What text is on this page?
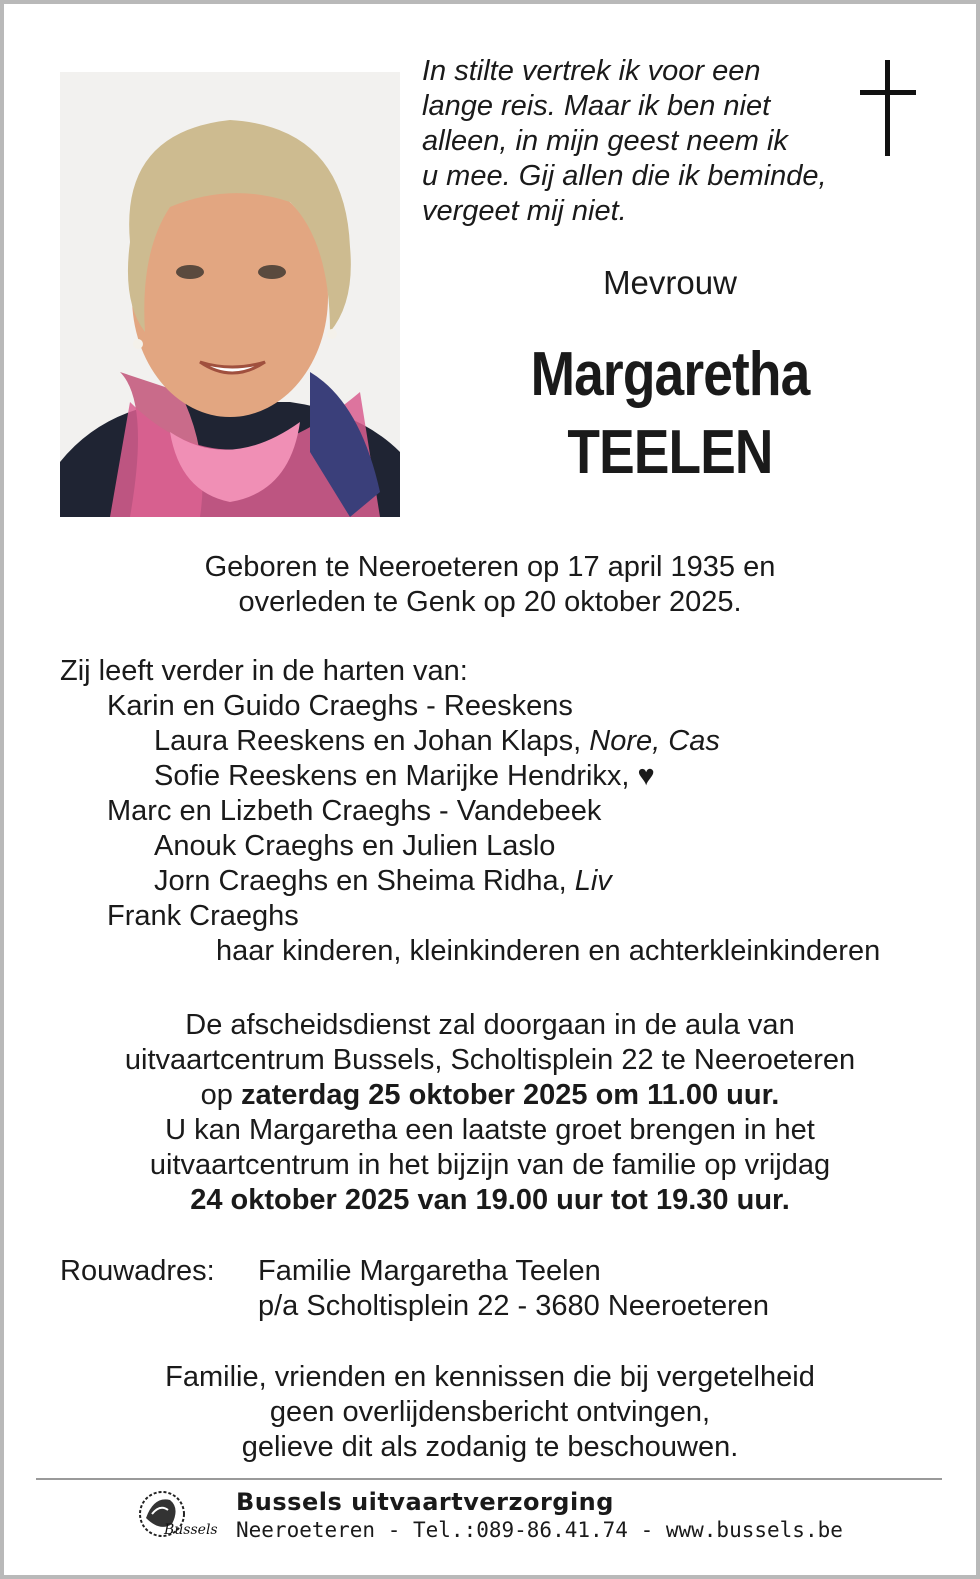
In stilte vertrek ik voor een
lange reis. Maar ik ben niet
alleen, in mijn geest neem ik
u mee. Gij allen die ik beminde,
vergeet mij niet.
Mevrouw
Margaretha
TEELEN
Geboren te Neeroeteren op 17 april 1935 en
overleden te Genk op 20 oktober 2025.
Zij leeft verder in de harten van:
Karin en Guido Craeghs - Reeskens
Laura Reeskens en Johan Klaps, Nore, Cas
Sofie Reeskens en Marijke Hendrikx, ♥
Marc en Lizbeth Craeghs - Vandebeek
Anouk Craeghs en Julien Laslo
Jorn Craeghs en Sheima Ridha, Liv
Frank Craeghs
haar kinderen, kleinkinderen en achterkleinkinderen
De afscheidsdienst zal doorgaan in de aula van
uitvaartcentrum Bussels, Scholtisplein 22 te Neeroeteren
op zaterdag 25 oktober 2025 om 11.00 uur.
U kan Margaretha een laatste groet brengen in het
uitvaartcentrum in het bijzijn van de familie op vrijdag
24 oktober 2025 van 19.00 uur tot 19.30 uur.
Rouwadres: Familie Margaretha Teelen
p/a Scholtisplein 22 - 3680 Neeroeteren
Familie, vrienden en kennissen die bij vergetelheid
geen overlijdensbericht ontvingen,
gelieve dit als zodanig te beschouwen.
Bussels
Bussels uitvaartverzorging
Neeroeteren - Tel.:089-86.41.74 - www.bussels.be
